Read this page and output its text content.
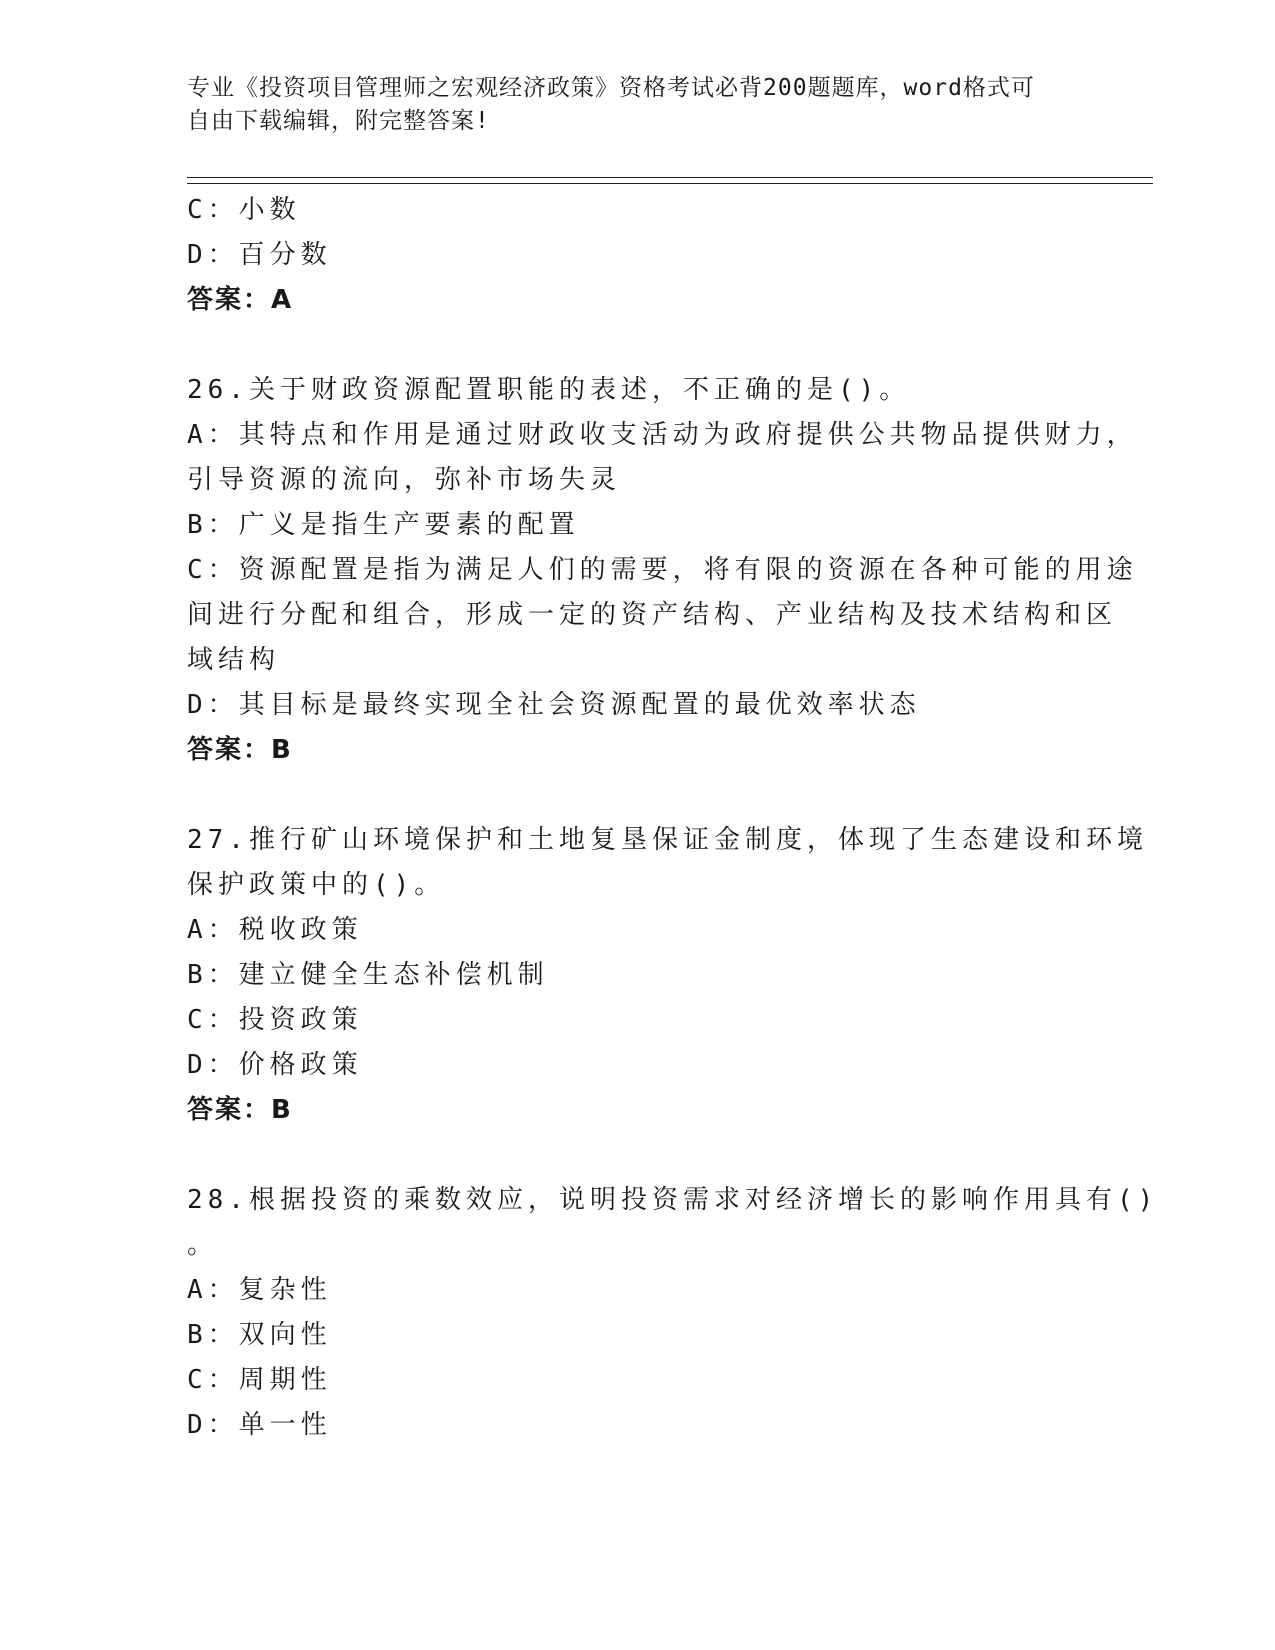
专业《投资项目管理师之宏观经济政策》资格考试必背200题题库，word格式可
自由下载编辑，附完整答案!
C：小数
D：百分数
答案：A
26.关于财政资源配置职能的表述，不正确的是()。
A：其特点和作用是通过财政收支活动为政府提供公共物品提供财力，
引导资源的流向，弥补市场失灵
B：广义是指生产要素的配置
C：资源配置是指为满足人们的需要，将有限的资源在各种可能的用途
间进行分配和组合，形成一定的资产结构、产业结构及技术结构和区
域结构
D：其目标是最终实现全社会资源配置的最优效率状态
答案：B
27.推行矿山环境保护和土地复垦保证金制度，体现了生态建设和环境
保护政策中的()。
A：税收政策
B：建立健全生态补偿机制
C：投资政策
D：价格政策
答案：B
28.根据投资的乘数效应，说明投资需求对经济增长的影响作用具有()
。
A：复杂性
B：双向性
C：周期性
D：单一性
